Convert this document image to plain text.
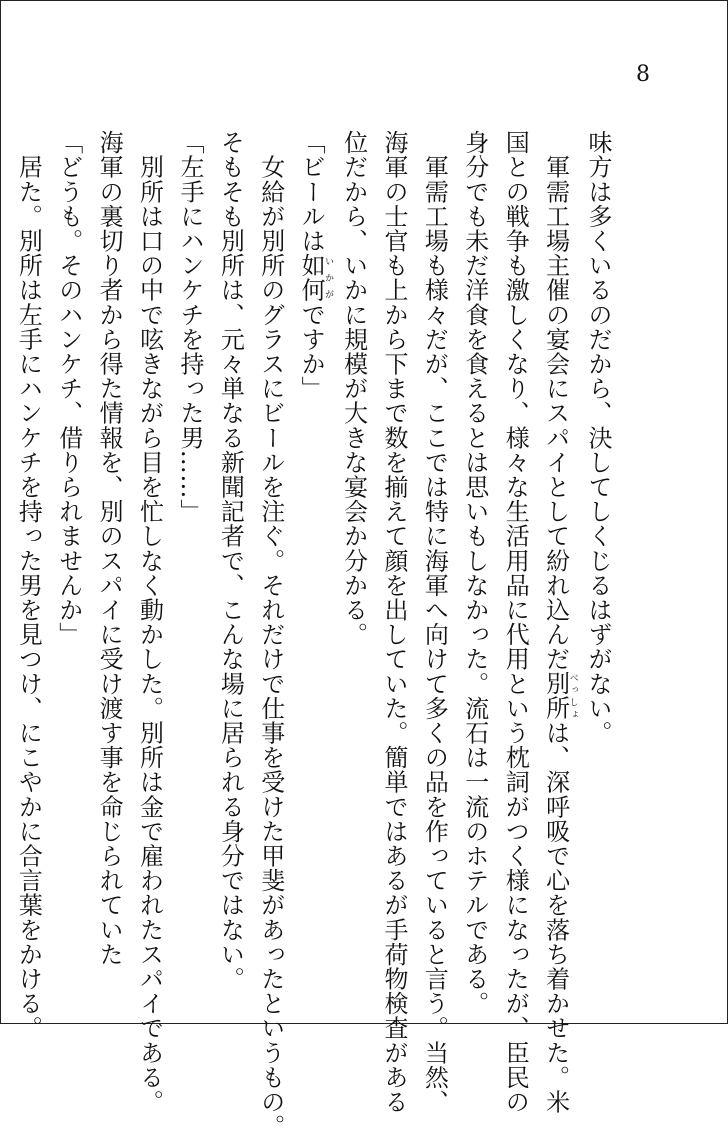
8

味方は多くいるのだから、決してしくじるはずがない。

　軍需工場主催の宴会にスパイとして紛れ込んだ別所べっしょは、深呼吸で心を落ち着かせた。米

国との戦争も激しくなり、様々な生活用品に代用という枕詞がつく様になったが、臣民の

身分でも未だ洋食を食えるとは思いもしなかった。流石は一流のホテルである。

　軍需工場も様々だが、ここでは特に海軍へ向けて多くの品を作っていると言う。当然、

海軍の士官も上から下まで数を揃えて顔を出していた。簡単ではあるが手荷物検査がある

位だから、いかに規模が大きな宴会か分かる。

「ビールは如何いかがですか」

　女給が別所のグラスにビールを注ぐ。それだけで仕事を受けた甲斐があったというもの。

そもそも別所は、元々単なる新聞記者で、こんな場に居られる身分ではない。

「左手にハンケチを持った男……」

　別所は口の中で呟きながら目を忙しなく動かした。別所は金で雇われたスパイである。

海軍の裏切り者から得た情報を、別のスパイに受け渡す事を命じられていた

「どうも。そのハンケチ、借りられませんか」

　居た。別所は左手にハンケチを持った男を見つけ、にこやかに合言葉をかける。
